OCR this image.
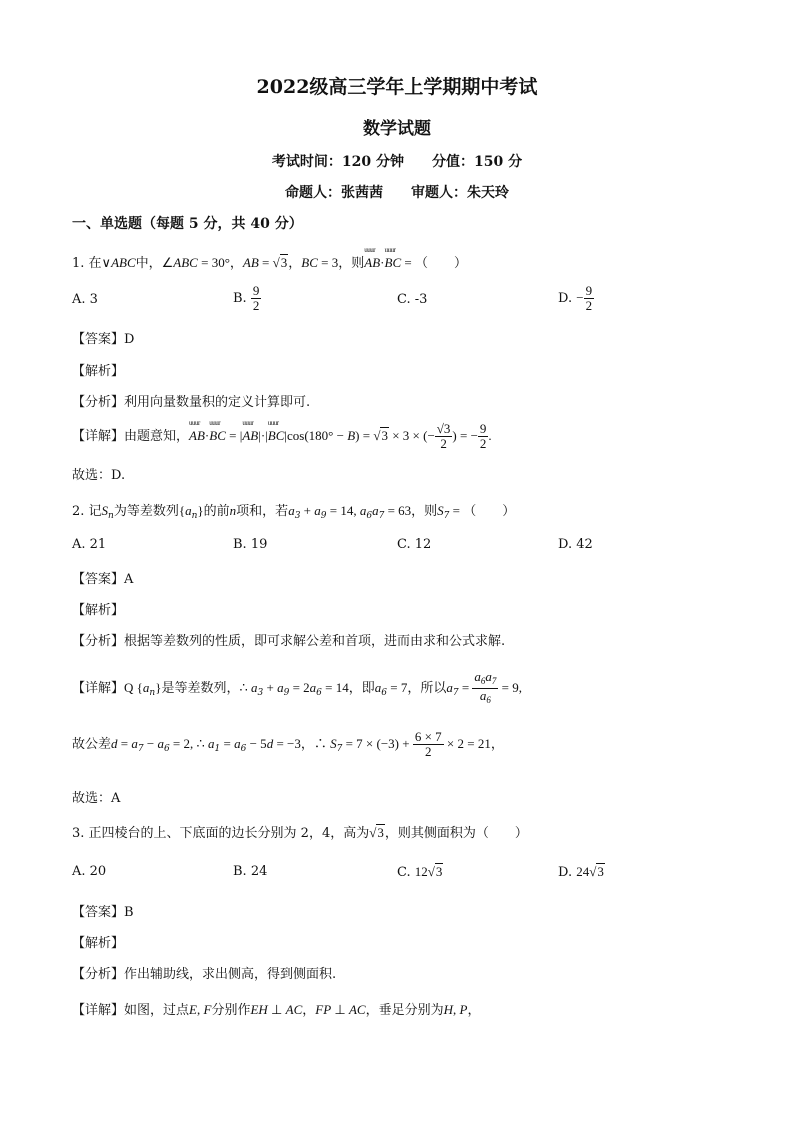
2022级高三学年上学期期中考试
数学试题
考试时间：120 分钟　　分值：150 分
命题人：张茜茜　　审题人：朱天玲
一、单选题（每题 5 分，共 40 分）
1. 在∨ABC中，∠ABC = 30°，AB = √3，BC = 3，则uuur AB·uuur BC = （　　）
A. 3	B. $\frac{9}{2}$	C. -3	D. − $\frac{9}{2}$
【答案】D
【解析】
【分析】利用向量数量积的定义计算即可.
【详解】由题意知，uuur AB·uuur BC = |uuur AB|·|uuur BC|cos(180° − B) = √3 × 3 × (− $\frac{√3}{2}$ ) = − $\frac{9}{2}$ .
故选：D.
2. 记$S_n$为等差数列$\{a_n\}$的前n项和，若$a_3 + a_9 = 14$, $a_6a_7 = 63$，则$S_7$ = （　　）
A. 21	B. 19	C. 12	D. 42
【答案】A
【解析】
【分析】根据等差数列的性质，即可求解公差和首项，进而由求和公式求解.
【详解】Q $\{a_n\}$是等差数列，∴ $a_3 + a_9 = 2a_6 = 14$，即$a_6 = 7$，所以$a_7 = \frac{a_6a_7}{a_6} = 9$,
故公差$d = a_7 - a_6 = 2$, ∴ $a_1 = a_6 - 5d = -3$，∴ $S_7 = 7 \times (-3) + \frac{6 \times 7}{2} \times 2 = 21$，
故选：A
3. 正四棱台的上、下底面的边长分别为 2，4，高为√3，则其侧面积为（　　）
A. 20	B. 24	C. 12√3	D. 24√3
【答案】B
【解析】
【分析】作出辅助线，求出侧高，得到侧面积.
【详解】如图，过点E, F分别作EH ⊥ AC，FP ⊥ AC，垂足分别为H, P，
